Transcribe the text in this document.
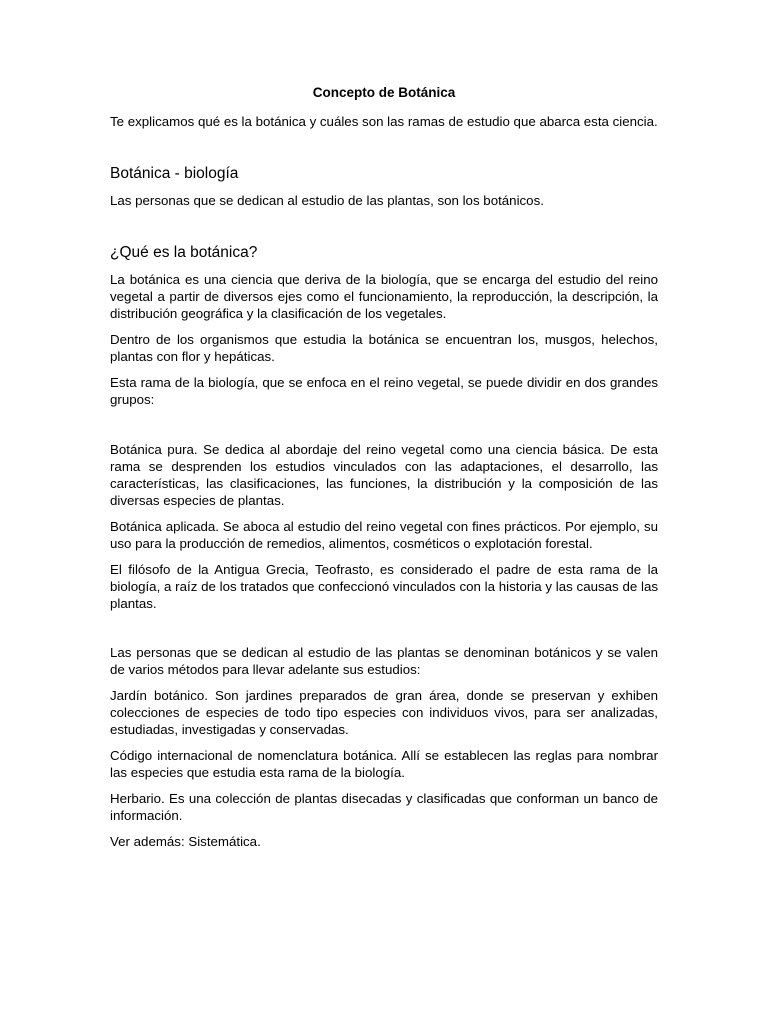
Concepto de Botánica

Te explicamos qué es la botánica y cuáles son las ramas de estudio que abarca esta ciencia.

Botánica - biología

Las personas que se dedican al estudio de las plantas, son los botánicos.

¿Qué es la botánica?

La botánica es una ciencia que deriva de la biología, que se encarga del estudio del reino vegetal a partir de diversos ejes como el funcionamiento, la reproducción, la descripción, la distribución geográfica y la clasificación de los vegetales.

Dentro de los organismos que estudia la botánica se encuentran los, musgos, helechos, plantas con flor y hepáticas.

Esta rama de la biología, que se enfoca en el reino vegetal, se puede dividir en dos grandes grupos:

Botánica pura. Se dedica al abordaje del reino vegetal como una ciencia básica. De esta rama se desprenden los estudios vinculados con las adaptaciones, el desarrollo, las características, las clasificaciones, las funciones, la distribución y la composición de las diversas especies de plantas.

Botánica aplicada. Se aboca al estudio del reino vegetal con fines prácticos. Por ejemplo, su uso para la producción de remedios, alimentos, cosméticos o explotación forestal.

El filósofo de la Antigua Grecia, Teofrasto, es considerado el padre de esta rama de la biología, a raíz de los tratados que confeccionó vinculados con la historia y las causas de las plantas.

Las personas que se dedican al estudio de las plantas se denominan botánicos y se valen de varios métodos para llevar adelante sus estudios:

Jardín botánico. Son jardines preparados de gran área, donde se preservan y exhiben colecciones de especies de todo tipo especies con individuos vivos, para ser analizadas, estudiadas, investigadas y conservadas.

Código internacional de nomenclatura botánica. Allí se establecen las reglas para nombrar las especies que estudia esta rama de la biología.

Herbario. Es una colección de plantas disecadas y clasificadas que conforman un banco de información.

Ver además: Sistemática.
